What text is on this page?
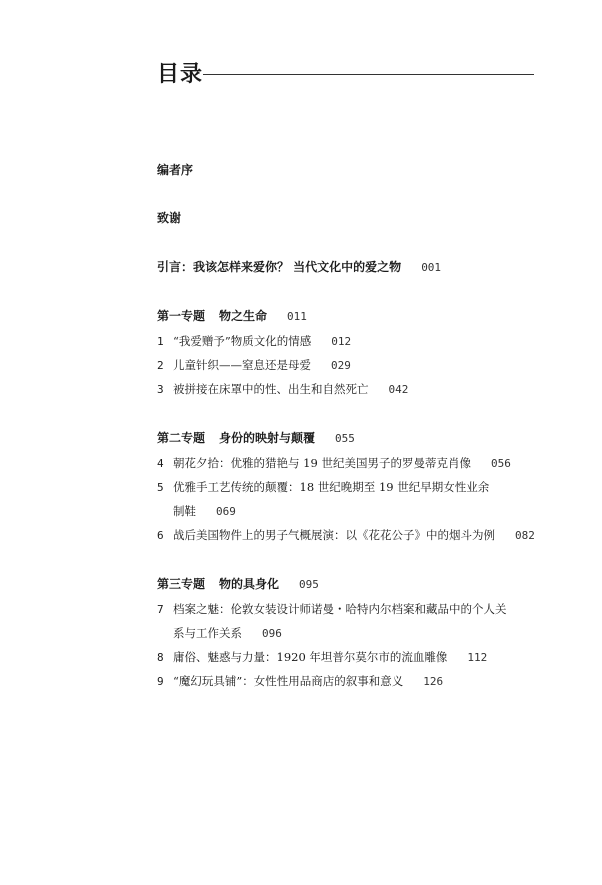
目录
编者序
致谢
引言：我该怎样来爱你？ 当代文化中的爱之物 001
第一专题 物之生命 011
1 “我爱赠予”物质文化的情感 012
2 儿童针织——窒息还是母爱 029
3 被拼接在床罩中的性、出生和自然死亡 042
第二专题 身份的映射与颠覆 055
4 朝花夕拾：优雅的猎艳与 19 世纪美国男子的罗曼蒂克肖像 056
5 优雅手工艺传统的颠覆：18 世纪晚期至 19 世纪早期女性业余
制鞋 069
6 战后美国物件上的男子气概展演：以《花花公子》中的烟斗为例 082
第三专题 物的具身化 095
7 档案之魅：伦敦女装设计师诺曼・哈特内尔档案和藏品中的个人关
系与工作关系 096
8 庸俗、魅惑与力量：1920 年坦普尔莫尔市的流血雕像 112
9 “魔幻玩具铺”：女性性用品商店的叙事和意义 126
